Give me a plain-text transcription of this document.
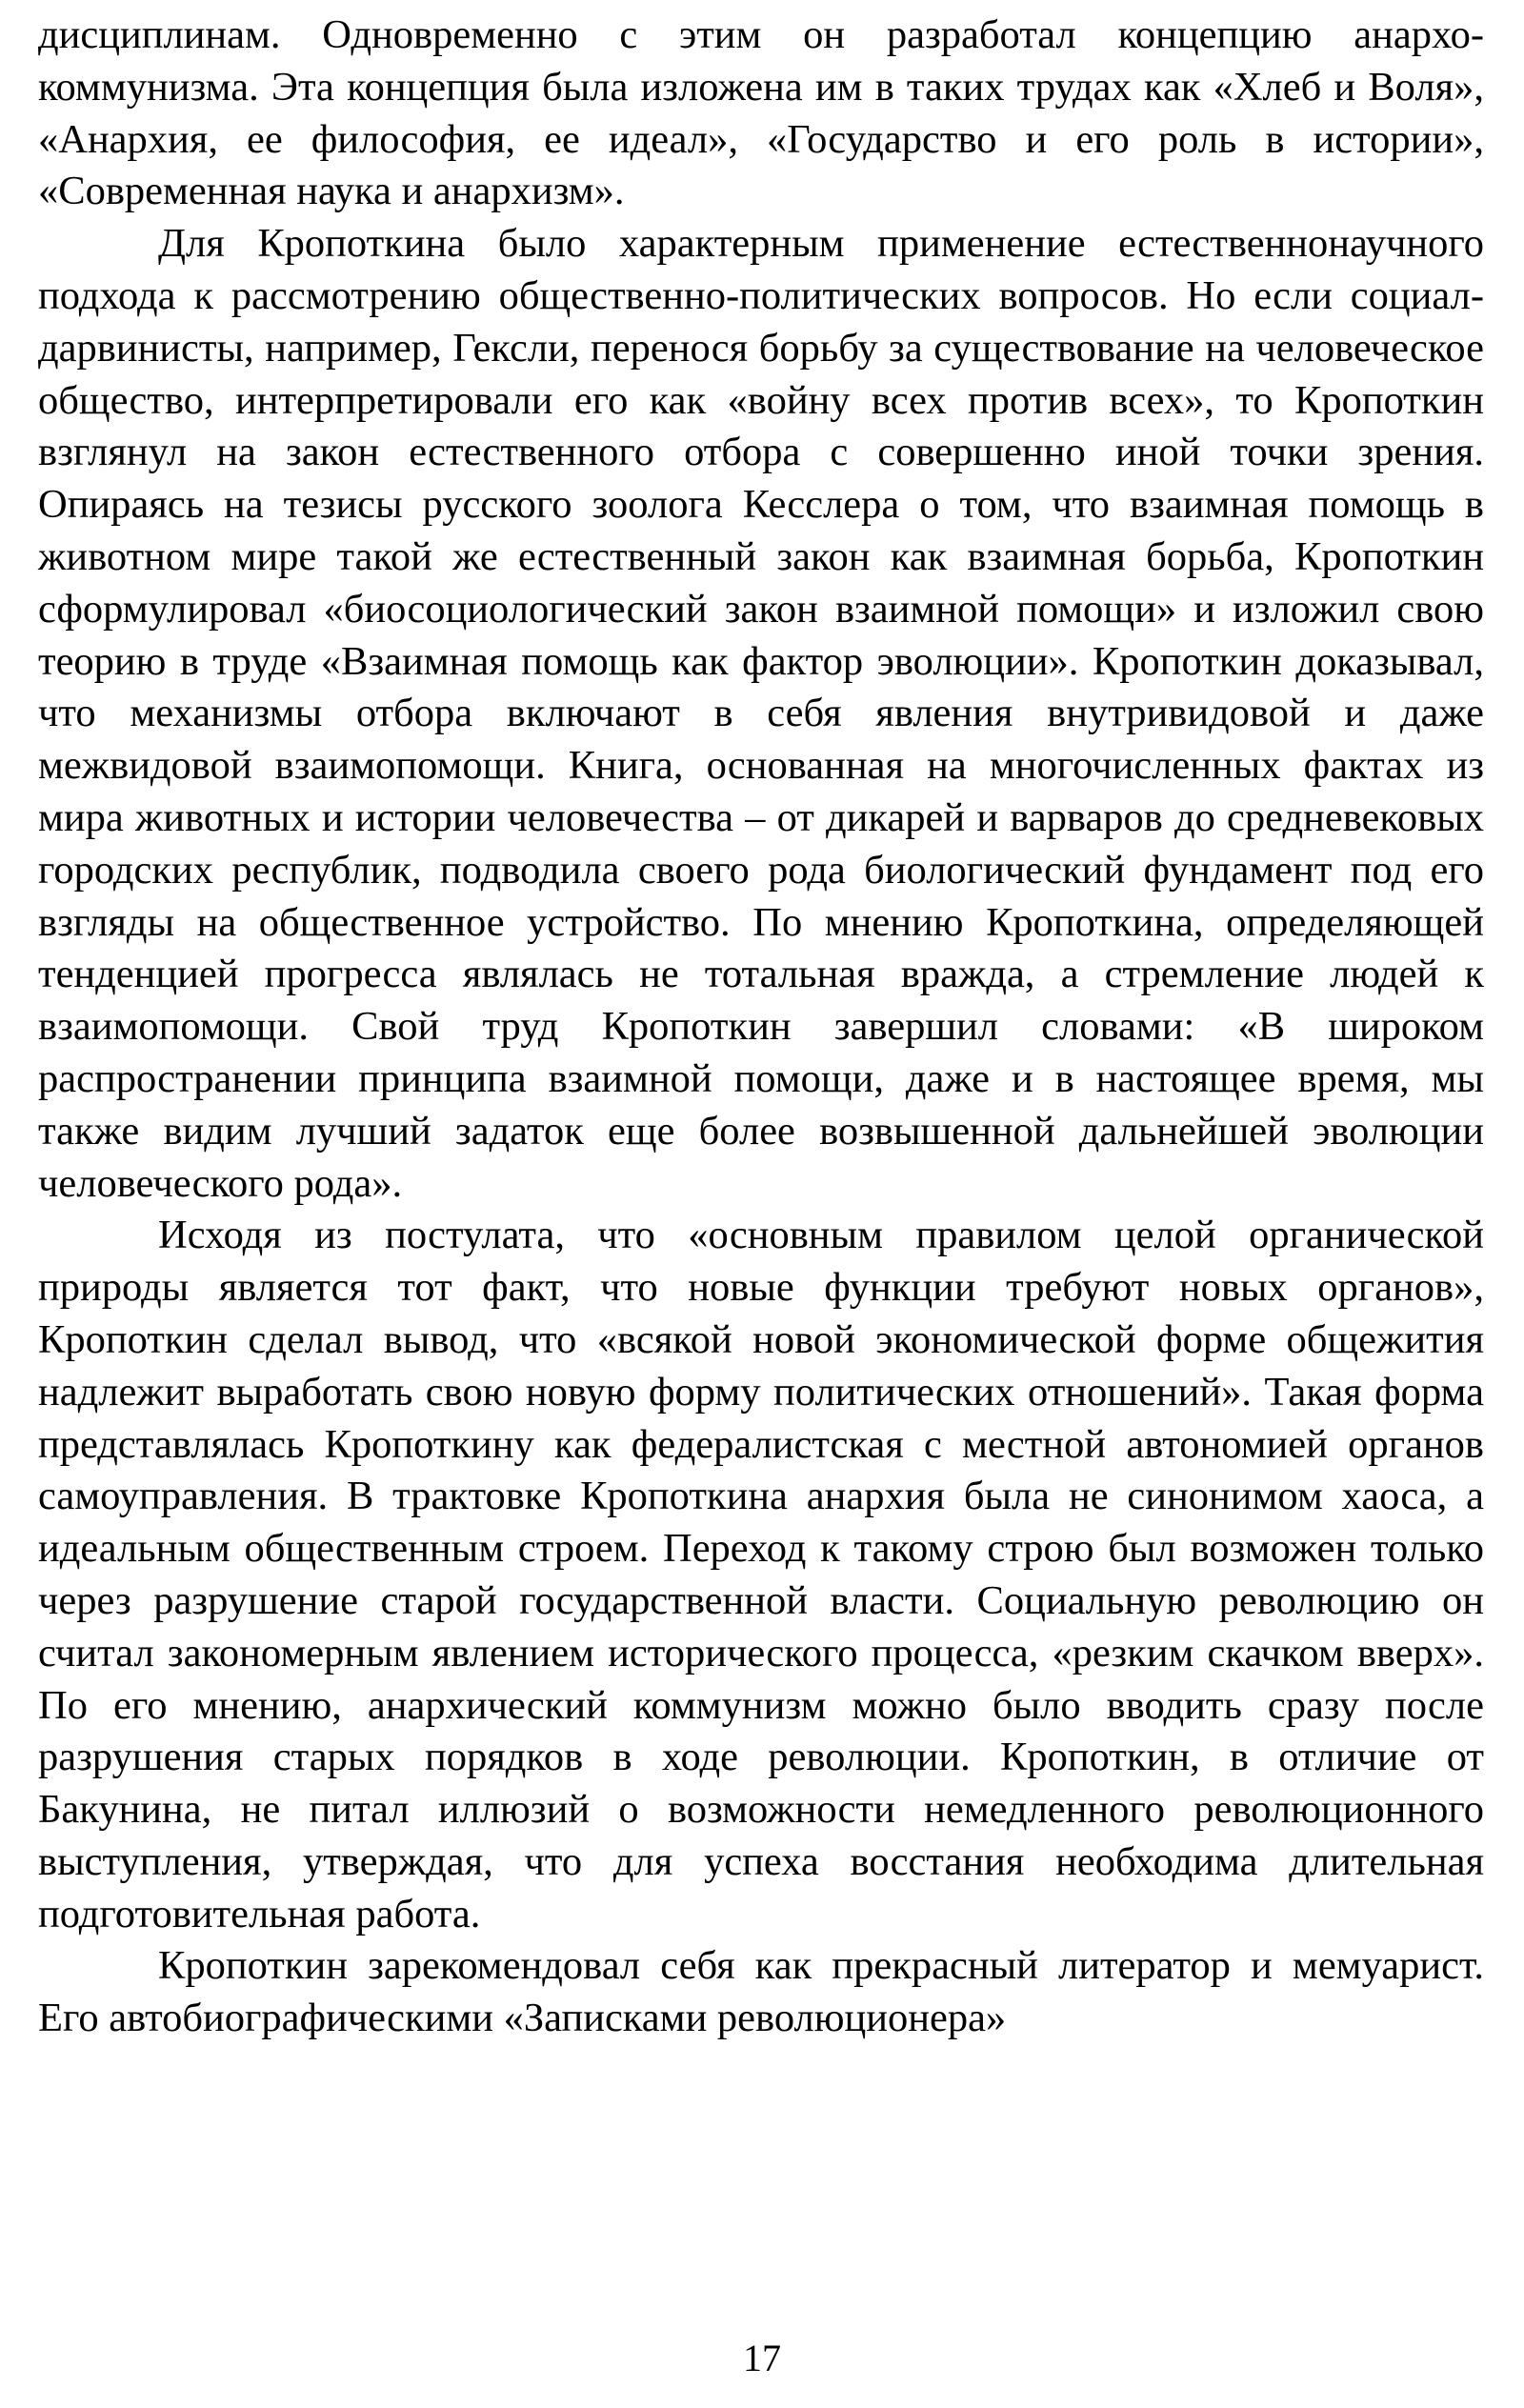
дисциплинам. Одновременно с этим он разработал концепцию анархо-коммунизма. Эта концепция была изложена им в таких трудах как «Хлеб и Воля», «Анархия, ее философия, ее идеал», «Государство и его роль в истории», «Современная наука и анархизм».

Для Кропоткина было характерным применение естественнонаучного подхода к рассмотрению общественно-политических вопросов. Но если социал-дарвинисты, например, Гексли, перенося борьбу за существование на человеческое общество, интерпретировали его как «войну всех против всех», то Кропоткин взглянул на закон естественного отбора с совершенно иной точки зрения. Опираясь на тезисы русского зоолога Кесслера о том, что взаимная помощь в животном мире такой же естественный закон как взаимная борьба, Кропоткин сформулировал «биосоциологический закон взаимной помощи» и изложил свою теорию в труде «Взаимная помощь как фактор эволюции». Кропоткин доказывал, что механизмы отбора включают в себя явления внутривидовой и даже межвидовой взаимопомощи. Книга, основанная на многочисленных фактах из мира животных и истории человечества – от дикарей и варваров до средневековых городских республик, подводила своего рода биологический фундамент под его взгляды на общественное устройство. По мнению Кропоткина, определяющей тенденцией прогресса являлась не тотальная вражда, а стремление людей к взаимопомощи. Свой труд Кропоткин завершил словами: «В широком распространении принципа взаимной помощи, даже и в настоящее время, мы также видим лучший задаток еще более возвышенной дальнейшей эволюции человеческого рода».

Исходя из постулата, что «основным правилом целой органической природы является тот факт, что новые функции требуют новых органов», Кропоткин сделал вывод, что «всякой новой экономической форме общежития надлежит выработать свою новую форму политических отношений». Такая форма представлялась Кропоткину как федералистская с местной автономией органов самоуправления. В трактовке Кропоткина анархия была не синонимом хаоса, а идеальным общественным строем. Переход к такому строю был возможен только через разрушение старой государственной власти. Социальную революцию он считал закономерным явлением исторического процесса, «резким скачком вверх». По его мнению, анархический коммунизм можно было вводить сразу после разрушения старых порядков в ходе революции. Кропоткин, в отличие от Бакунина, не питал иллюзий о возможности немедленного революционного выступления, утверждая, что для успеха восстания необходима длительная подготовительная работа.

Кропоткин зарекомендовал себя как прекрасный литератор и мемуарист. Его автобиографическими «Записками революционера»

17
